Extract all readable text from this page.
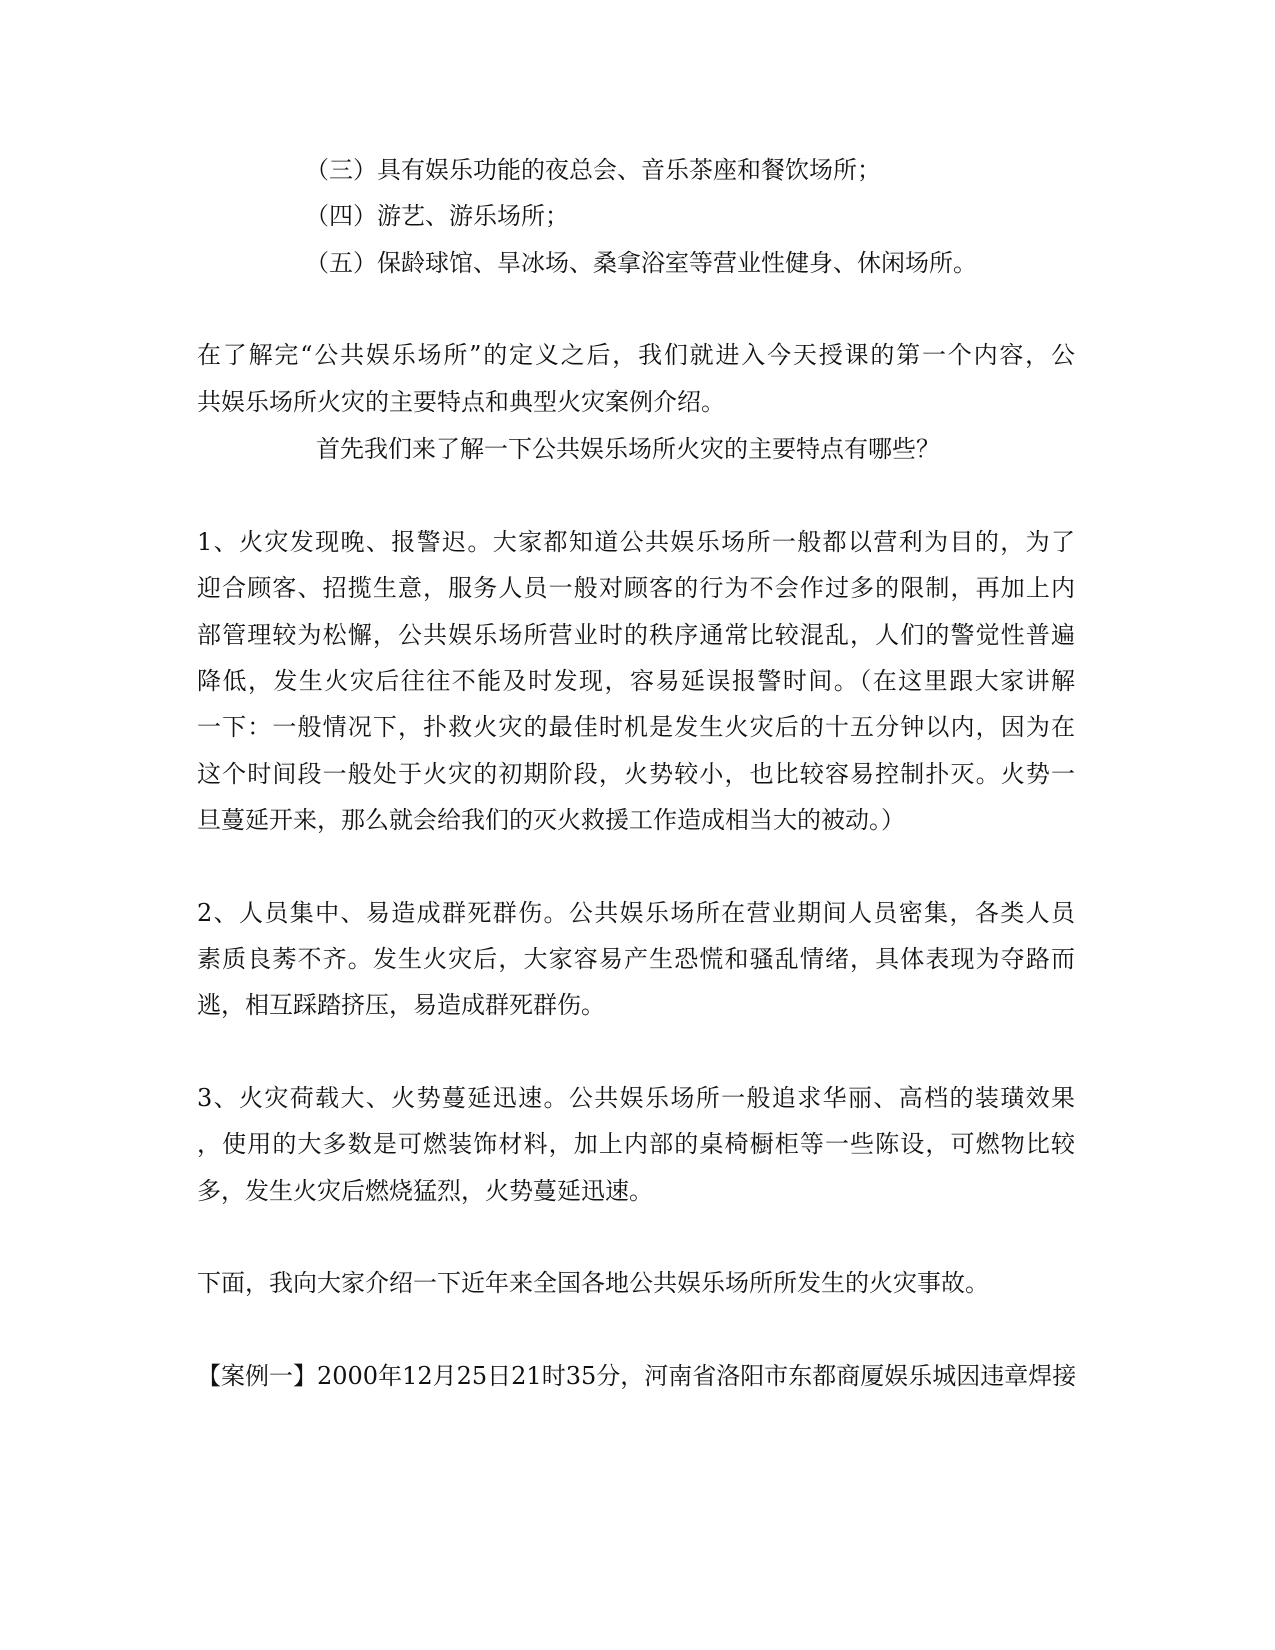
（三）具有娱乐功能的夜总会、音乐茶座和餐饮场所；
（四）游艺、游乐场所；
（五）保龄球馆、旱冰场、桑拿浴室等营业性健身、休闲场所。
在了解完“公共娱乐场所”的定义之后，我们就进入今天授课的第一个内容，公
共娱乐场所火灾的主要特点和典型火灾案例介绍。
首先我们来了解一下公共娱乐场所火灾的主要特点有哪些？
1、火灾发现晚、报警迟。大家都知道公共娱乐场所一般都以营利为目的，为了
迎合顾客、招揽生意，服务人员一般对顾客的行为不会作过多的限制，再加上内
部管理较为松懈，公共娱乐场所营业时的秩序通常比较混乱，人们的警觉性普遍
降低，发生火灾后往往不能及时发现，容易延误报警时间。（在这里跟大家讲解
一下：一般情况下，扑救火灾的最佳时机是发生火灾后的十五分钟以内，因为在
这个时间段一般处于火灾的初期阶段，火势较小，也比较容易控制扑灭。火势一
旦蔓延开来，那么就会给我们的灭火救援工作造成相当大的被动。）
2、人员集中、易造成群死群伤。公共娱乐场所在营业期间人员密集，各类人员
素质良莠不齐。发生火灾后，大家容易产生恐慌和骚乱情绪，具体表现为夺路而
逃，相互踩踏挤压，易造成群死群伤。
3、火灾荷载大、火势蔓延迅速。公共娱乐场所一般追求华丽、高档的装璜效果
，使用的大多数是可燃装饰材料，加上内部的桌椅橱柜等一些陈设，可燃物比较
多，发生火灾后燃烧猛烈，火势蔓延迅速。
下面，我向大家介绍一下近年来全国各地公共娱乐场所所发生的火灾事故。
【案例一】2000年12月25日21时35分，河南省洛阳市东都商厦娱乐城因违章焊接
